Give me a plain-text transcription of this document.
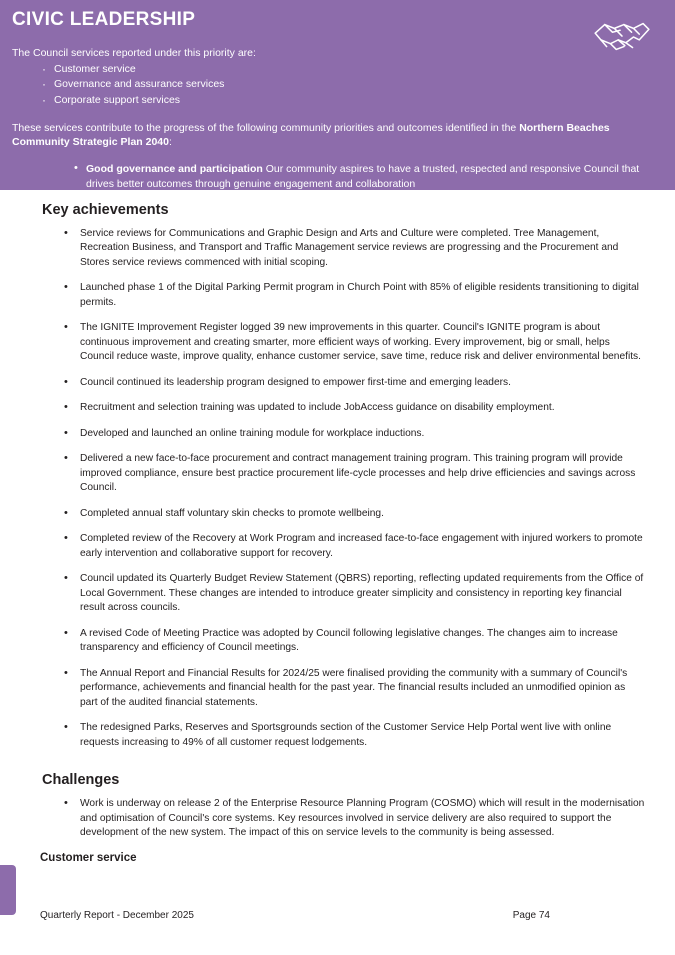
CIVIC LEADERSHIP
The Council services reported under this priority are:
· Customer service
· Governance and assurance services
· Corporate support services
These services contribute to the progress of the following community priorities and outcomes identified in the Northern Beaches Community Strategic Plan 2040:
• Good governance and participation Our community aspires to have a trusted, respected and responsive Council that drives better outcomes through genuine engagement and collaboration
Key achievements
• Service reviews for Communications and Graphic Design and Arts and Culture were completed. Tree Management, Recreation Business, and Transport and Traffic Management service reviews are progressing and the Procurement and Stores service reviews commenced with initial scoping.
• Launched phase 1 of the Digital Parking Permit program in Church Point with 85% of eligible residents transitioning to digital permits.
• The IGNITE Improvement Register logged 39 new improvements in this quarter. Council's IGNITE program is about continuous improvement and creating smarter, more efficient ways of working. Every improvement, big or small, helps Council reduce waste, improve quality, enhance customer service, save time, reduce risk and deliver environmental benefits.
• Council continued its leadership program designed to empower first-time and emerging leaders.
• Recruitment and selection training was updated to include JobAccess guidance on disability employment.
• Developed and launched an online training module for workplace inductions.
• Delivered a new face-to-face procurement and contract management training program. This training program will provide improved compliance, ensure best practice procurement life-cycle processes and help drive efficiencies and savings across Council.
• Completed annual staff voluntary skin checks to promote wellbeing.
• Completed review of the Recovery at Work Program and increased face-to-face engagement with injured workers to promote early intervention and collaborative support for recovery.
• Council updated its Quarterly Budget Review Statement (QBRS) reporting, reflecting updated requirements from the Office of Local Government. These changes are intended to introduce greater simplicity and consistency in reporting key financial result across councils.
• A revised Code of Meeting Practice was adopted by Council following legislative changes. The changes aim to increase transparency and efficiency of Council meetings.
• The Annual Report and Financial Results for 2024/25 were finalised providing the community with a summary of Council's performance, achievements and financial health for the past year. The financial results included an unmodified opinion as part of the audited financial statements.
• The redesigned Parks, Reserves and Sportsgrounds section of the Customer Service Help Portal went live with online requests increasing to 49% of all customer request lodgements.
Challenges
• Work is underway on release 2 of the Enterprise Resource Planning Program (COSMO) which will result in the modernisation and optimisation of Council's core systems. Key resources involved in service delivery are also required to support the development of the new system. The impact of this on service levels to the community is being assessed.
Customer service
Quarterly Report - December 2025	Page 74
